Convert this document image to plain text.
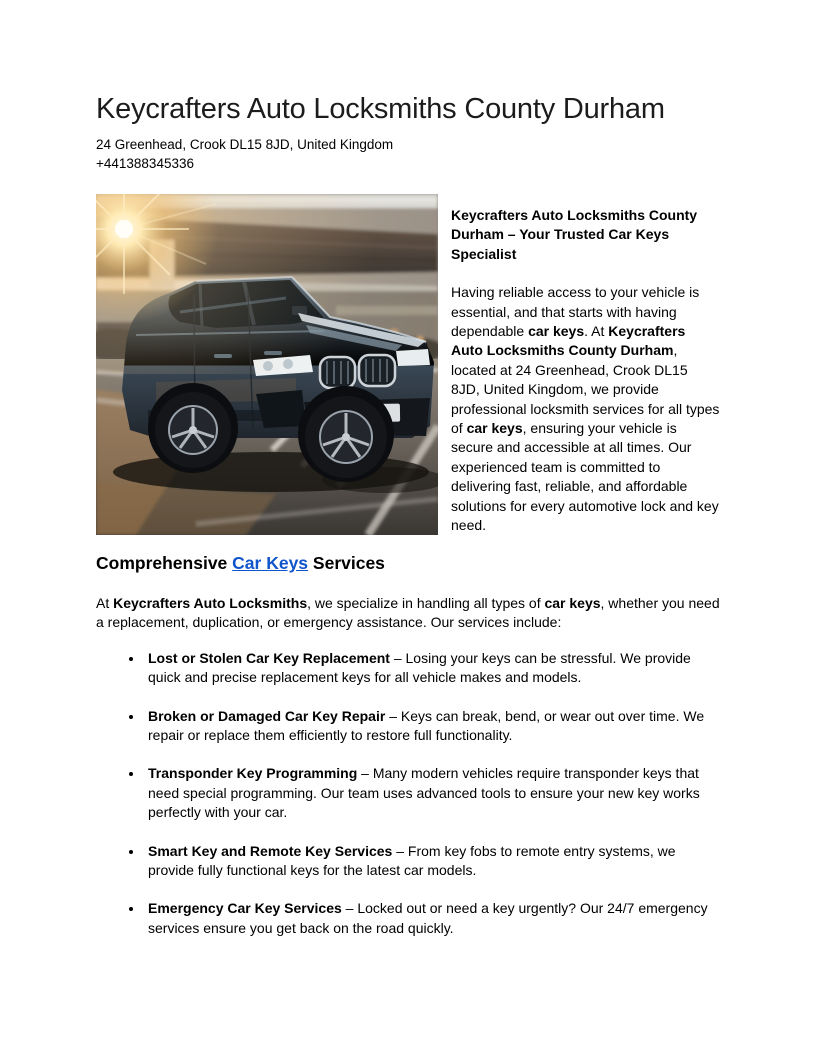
Keycrafters Auto Locksmiths County Durham
24 Greenhead, Crook DL15 8JD, United Kingdom
+441388345336

Keycrafters Auto Locksmiths County Durham – Your Trusted Car Keys Specialist

Having reliable access to your vehicle is essential, and that starts with having dependable car keys. At Keycrafters Auto Locksmiths County Durham, located at 24 Greenhead, Crook DL15 8JD, United Kingdom, we provide professional locksmith services for all types of car keys, ensuring your vehicle is secure and accessible at all times. Our experienced team is committed to delivering fast, reliable, and affordable solutions for every automotive lock and key need.

Comprehensive Car Keys Services

At Keycrafters Auto Locksmiths, we specialize in handling all types of car keys, whether you need a replacement, duplication, or emergency assistance. Our services include:

• Lost or Stolen Car Key Replacement – Losing your keys can be stressful. We provide quick and precise replacement keys for all vehicle makes and models.
• Broken or Damaged Car Key Repair – Keys can break, bend, or wear out over time. We repair or replace them efficiently to restore full functionality.
• Transponder Key Programming – Many modern vehicles require transponder keys that need special programming. Our team uses advanced tools to ensure your new key works perfectly with your car.
• Smart Key and Remote Key Services – From key fobs to remote entry systems, we provide fully functional keys for the latest car models.
• Emergency Car Key Services – Locked out or need a key urgently? Our 24/7 emergency services ensure you get back on the road quickly.
